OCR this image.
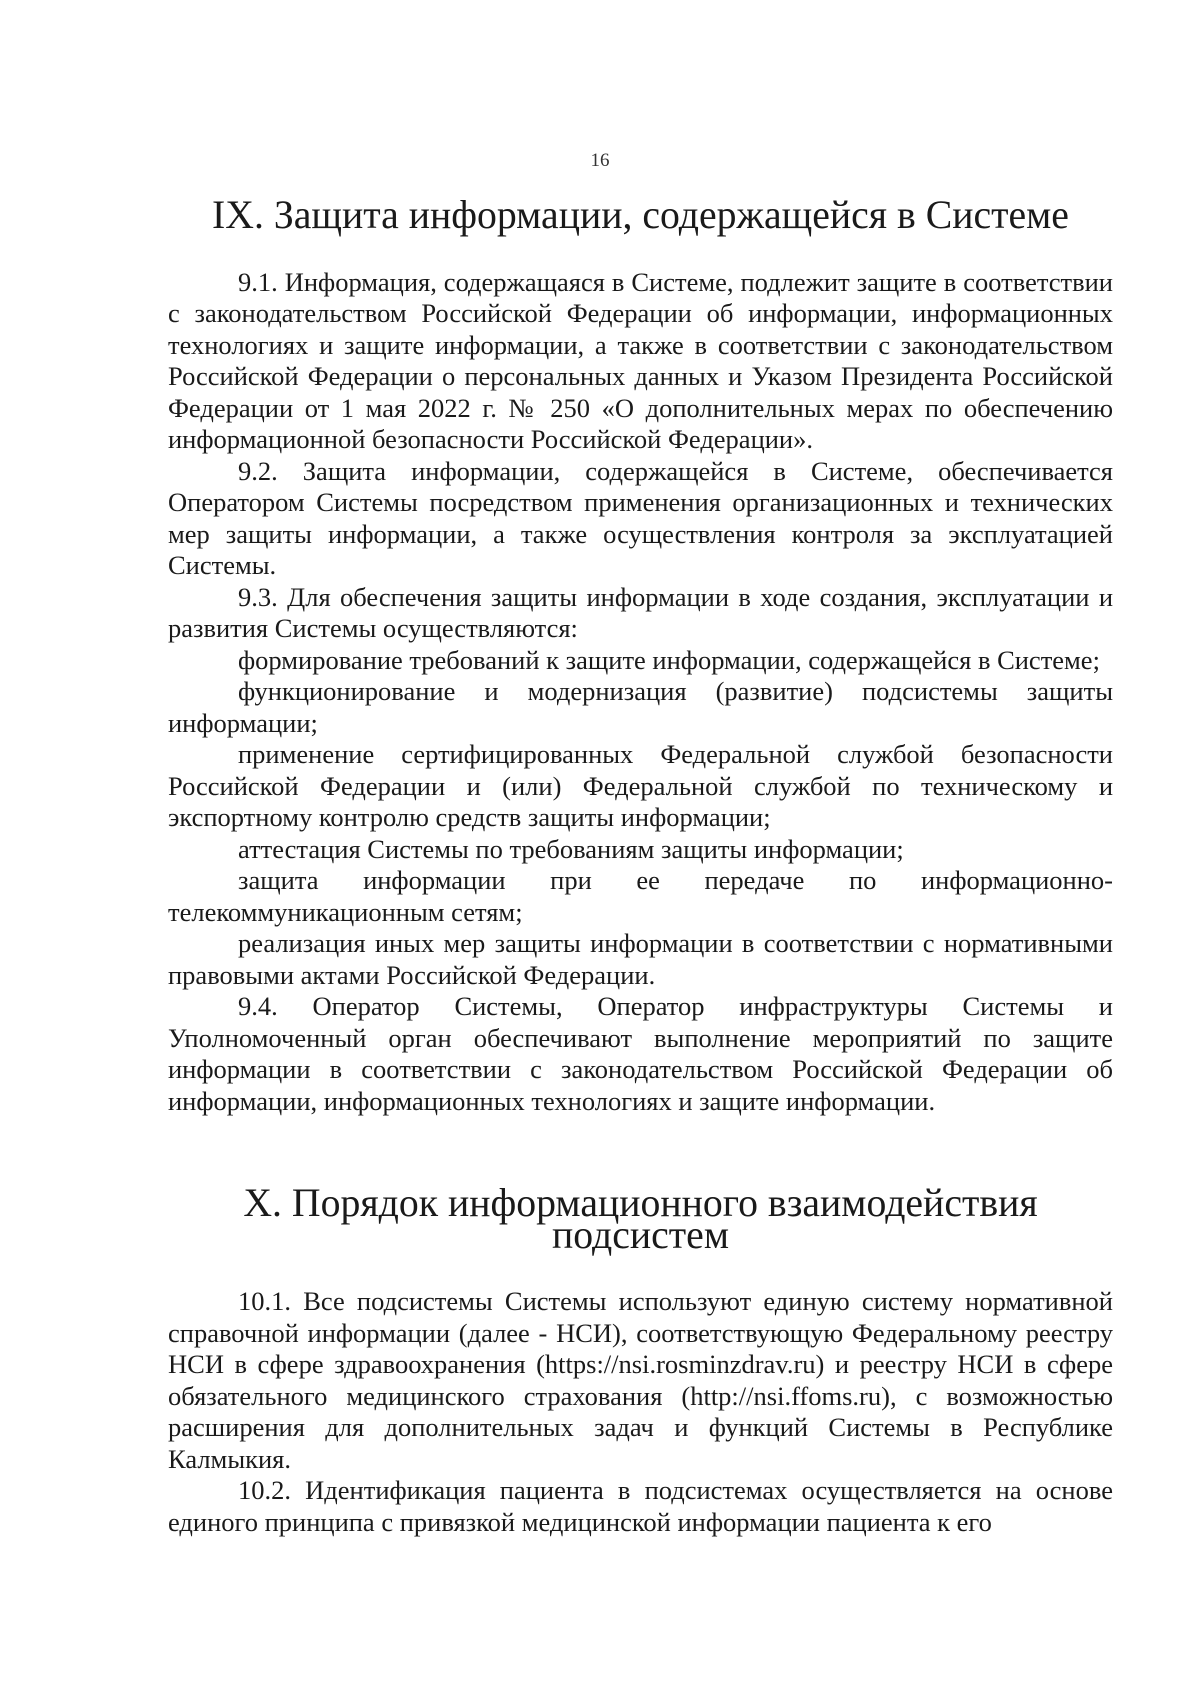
16
IX. Защита информации, содержащейся в Системе

9.1. Информация, содержащаяся в Системе, подлежит защите в соответствии с законодательством Российской Федерации об информации, информационных технологиях и защите информации, а также в соответствии с законодательством Российской Федерации о персональных данных и Указом Президента Российской Федерации от 1 мая 2022 г. № 250 «О дополнительных мерах по обеспечению информационной безопасности Российской Федерации».

9.2. Защита информации, содержащейся в Системе, обеспечивается Оператором Системы посредством применения организационных и технических мер защиты информации, а также осуществления контроля за эксплуатацией Системы.

9.3. Для обеспечения защиты информации в ходе создания, эксплуатации и развития Системы осуществляются:

формирование требований к защите информации, содержащейся в Системе;

функционирование и модернизация (развитие) подсистемы защиты информации;

применение сертифицированных Федеральной службой безопасности Российской Федерации и (или) Федеральной службой по техническому и экспортному контролю средств защиты информации;

аттестация Системы по требованиям защиты информации;

защита информации при ее передаче по информационно-телекоммуникационным сетям;

реализация иных мер защиты информации в соответствии с нормативными правовыми актами Российской Федерации.

9.4. Оператор Системы, Оператор инфраструктуры Системы и Уполномоченный орган обеспечивают выполнение мероприятий по защите информации в соответствии с законодательством Российской Федерации об информации, информационных технологиях и защите информации.

X. Порядок информационного взаимодействия подсистем

10.1. Все подсистемы Системы используют единую систему нормативной справочной информации (далее - НСИ), соответствующую Федеральному реестру НСИ в сфере здравоохранения (https://nsi.rosminzdrav.ru) и реестру НСИ в сфере обязательного медицинского страхования (http://nsi.ffoms.ru), с возможностью расширения для дополнительных задач и функций Системы в Республике Калмыкия.

10.2. Идентификация пациента в подсистемах осуществляется на основе единого принципа с привязкой медицинской информации пациента к его
